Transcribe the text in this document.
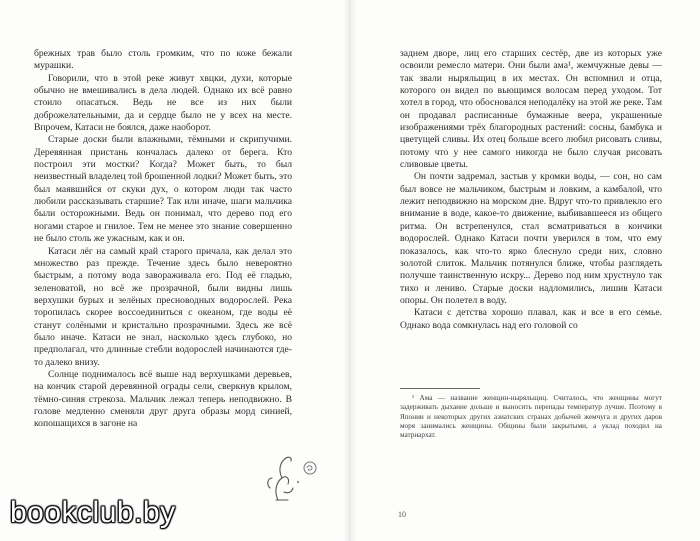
брежных трав было столь громким, что по коже бежали мурашки.

Говорили, что в этой реке живут хвцки, духи, которые обычно не вмешивались в дела людей. Однако их всё равно стоило опасаться. Ведь не все из них были доброжелательными, да и сердце было не у всех на месте. Впрочем, Катаси не боялся, даже наоборот.

Старые доски были влажными, тёмными и скрипучими. Деревянная пристань кончалась далеко от берега. Кто построил эти мостки? Когда? Может быть, то был неизвестный владелец той брошенной лодки? Может быть, это был маявшийся от скуки дух, о котором люди так часто любили рассказывать старшие? Так или иначе, шаги мальчика были осторожными. Ведь он понимал, что дерево под его ногами старое и гнилое. Тем не менее это знание совершенно не было столь же ужасным, как и он.

Катаси лёг на самый край старого причала, как делал это множество раз прежде. Течение здесь было невероятно быстрым, а потому вода завораживала его. Под её гладью, зеленоватой, но всё же прозрачной, были видны лишь верхушки бурых и зелёных пресноводных водорослей. Река торопилась скорее воссоединиться с океаном, где воды её станут солёными и кристально прозрачными. Здесь же всё было иначе. Катаси не знал, насколько здесь глубоко, но предполагал, что длинные стебли водорослей начинаются где-то далеко внизу.

Солнце поднималось всё выше над верхушками деревьев, на кончик старой деревянной ограды сели, сверкнув крылом, тёмно-синяя стрекоза. Мальчик лежал теперь неподвижно. В голове медленно сменяли друг друга образы морд синией, копошащихся в загоне на

заднем дворе, лиц его старших сестёр, две из которых уже освоили ремесло матери. Они были ама¹, жемчужные девы — так звали ныряльщиц в их местах. Он вспомнил и отца, которого он видел по вьющимся волосам перед уходом. Тот хотел в город, что обосновался неподалёку на этой же реке. Там он продавал расписанные бумажные веера, украшенные изображениями трёх благородных растений: сосны, бамбука и цветущей сливы. Их отец больше всего любил рисовать сливы, потому что у нее самого никогда не было случая рисовать сливовые цветы.

Он почти задремал, застыв у кромки воды, — сон, но сам был вовсе не мальчиком, быстрым и ловким, а камбалой, что лежит неподвижно на морском дне. Вдруг что-то привлекло его внимание в воде, какое-то движение, выбивавшееся из общего ритма. Он встрепенулся, стал всматриваться в кончики водорослей. Однако Катаси почти уверился в том, что ему показалось, как что-то ярко блеснуло среди них, словно золотой слиток. Мальчик потянулся ближе, чтобы разглядеть получше таинственную искру... Дерево под ним хрустнуло так тихо и лениво. Старые доски надломились, лишив Катаси опоры. Он полетел в воду.

Катаси с детства хорошо плавал, как и все в его семье. Однако вода сомкнулась над его головой со

¹ Ама — название женщин-ныряльщиц. Считалось, что женщины могут задерживать дыхание дольше и выносить перепады температур лучше. Поэтому в Японии и некоторых других азиатских странах добычей жемчуга и других даров моря занимались женщины. Общины были закрытыми, а уклад походил на матриархат.

10
bookclub.by
